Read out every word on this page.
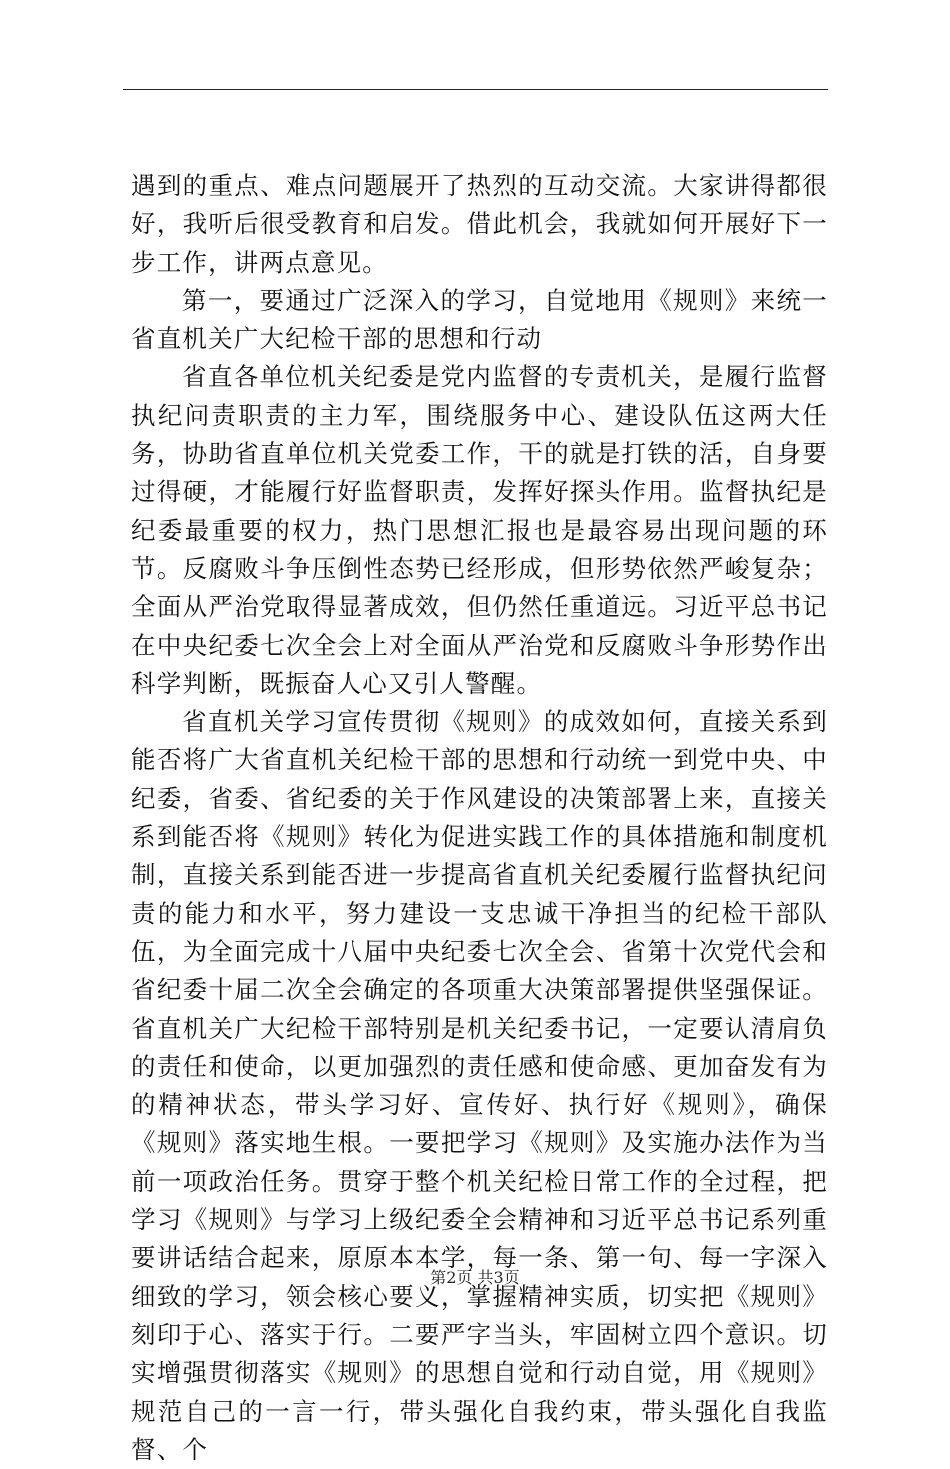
遇到的重点、难点问题展开了热烈的互动交流。大家讲得都很好，我听后很受教育和启发。借此机会，我就如何开展好下一步工作，讲两点意见。

第一，要通过广泛深入的学习，自觉地用《规则》来统一省直机关广大纪检干部的思想和行动

省直各单位机关纪委是党内监督的专责机关，是履行监督执纪问责职责的主力军，围绕服务中心、建设队伍这两大任务，协助省直单位机关党委工作，干的就是打铁的活，自身要过得硬，才能履行好监督职责，发挥好探头作用。监督执纪是纪委最重要的权力，热门思想汇报也是最容易出现问题的环节。反腐败斗争压倒性态势已经形成，但形势依然严峻复杂；全面从严治党取得显著成效，但仍然任重道远。习近平总书记在中央纪委七次全会上对全面从严治党和反腐败斗争形势作出科学判断，既振奋人心又引人警醒。

省直机关学习宣传贯彻《规则》的成效如何，直接关系到能否将广大省直机关纪检干部的思想和行动统一到党中央、中纪委，省委、省纪委的关于作风建设的决策部署上来，直接关系到能否将《规则》转化为促进实践工作的具体措施和制度机制，直接关系到能否进一步提高省直机关纪委履行监督执纪问责的能力和水平，努力建设一支忠诚干净担当的纪检干部队伍，为全面完成十八届中央纪委七次全会、省第十次党代会和省纪委十届二次全会确定的各项重大决策部署提供坚强保证。省直机关广大纪检干部特别是机关纪委书记，一定要认清肩负的责任和使命，以更加强烈的责任感和使命感、更加奋发有为的精神状态，带头学习好、宣传好、执行好《规则》，确保《规则》落实地生根。一要把学习《规则》及实施办法作为当前一项政治任务。贯穿于整个机关纪检日常工作的全过程，把学习《规则》与学习上级纪委全会精神和习近平总书记系列重要讲话结合起来，原原本本学，每一条、第一句、每一字深入细致的学习，领会核心要义，掌握精神实质，切实把《规则》刻印于心、落实于行。二要严字当头，牢固树立四个意识。切实增强贯彻落实《规则》的思想自觉和行动自觉，用《规则》规范自己的一言一行，带头强化自我约束，带头强化自我监督、个

第2页 共3页
